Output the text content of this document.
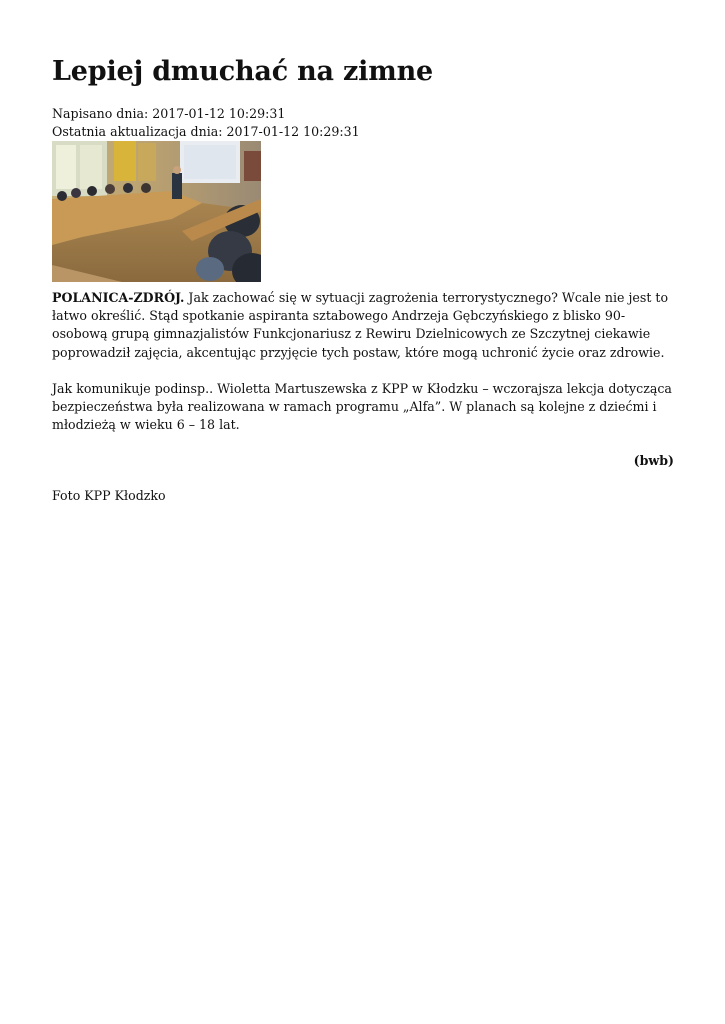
Lepiej dmuchać na zimne
Napisano dnia: 2017-01-12 10:29:31
Ostatnia aktualizacja dnia: 2017-01-12 10:29:31

POLANICA-ZDRÓJ. Jak zachować się w sytuacji zagrożenia terrorystycznego? Wcale nie jest to łatwo określić. Stąd spotkanie aspiranta sztabowego Andrzeja Gębczyńskiego z blisko 90-osobową grupą gimnazjalistów Funkcjonariusz z Rewiru Dzielnicowych ze Szczytnej ciekawie poprowadził zajęcia, akcentując przyjęcie tych postaw, które mogą uchronić życie oraz zdrowie.

Jak komunikuje podinsp.. Wioletta Martuszewska z KPP w Kłodzku – wczorajsza lekcja dotycząca bezpieczeństwa była realizowana w ramach programu „Alfa”. W planach są kolejne z dziećmi i młodzieżą w wieku 6 – 18 lat.

(bwb)
Foto KPP Kłodzko
